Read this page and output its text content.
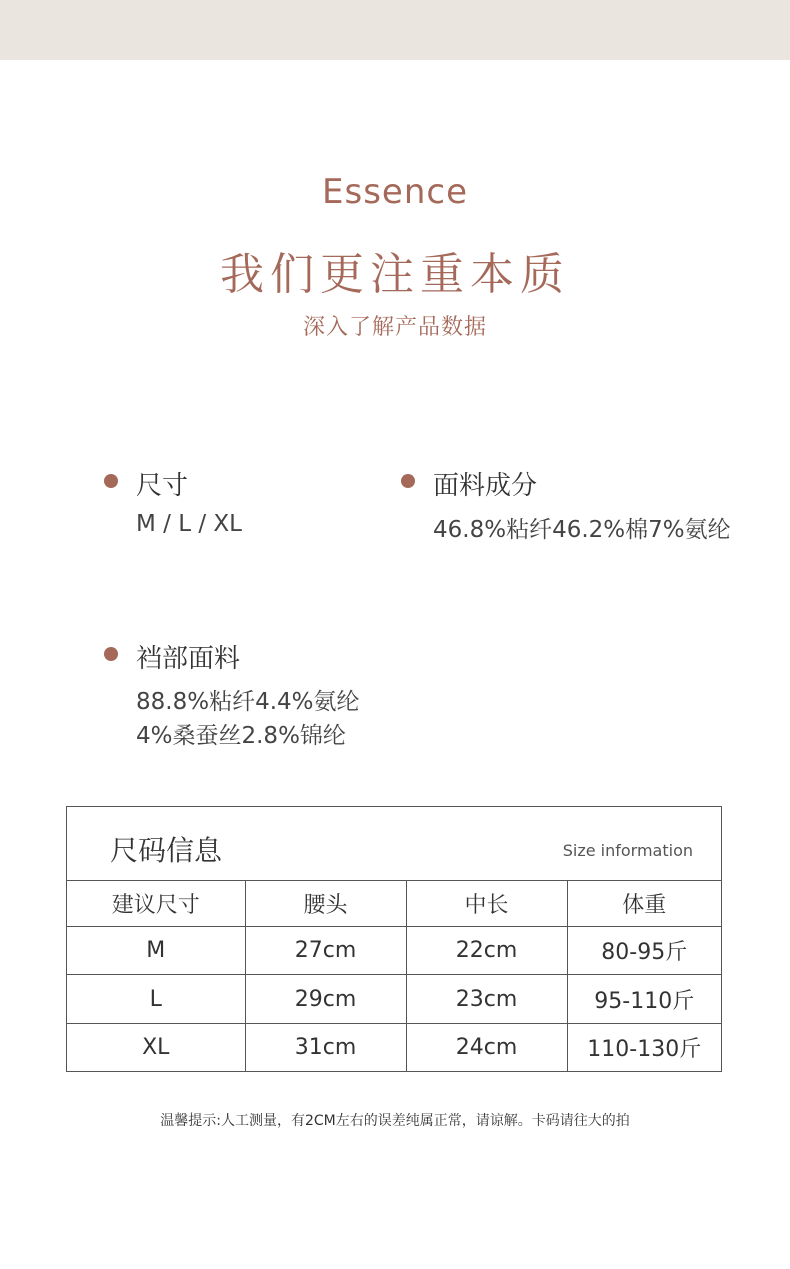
Essence
我们更注重本质
深入了解产品数据
尺寸
M / L / XL
面料成分
46.8%粘纤46.2%棉7%氨纶
裆部面料
88.8%粘纤4.4%氨纶
4%桑蚕丝2.8%锦纶
尺码信息	Size information
建议尺寸	腰头	中长	体重
M	27cm	22cm	80-95斤
L	29cm	23cm	95-110斤
XL	31cm	24cm	110-130斤
温馨提示:人工测量，有2CM左右的误差纯属正常，请谅解。卡码请往大的拍
